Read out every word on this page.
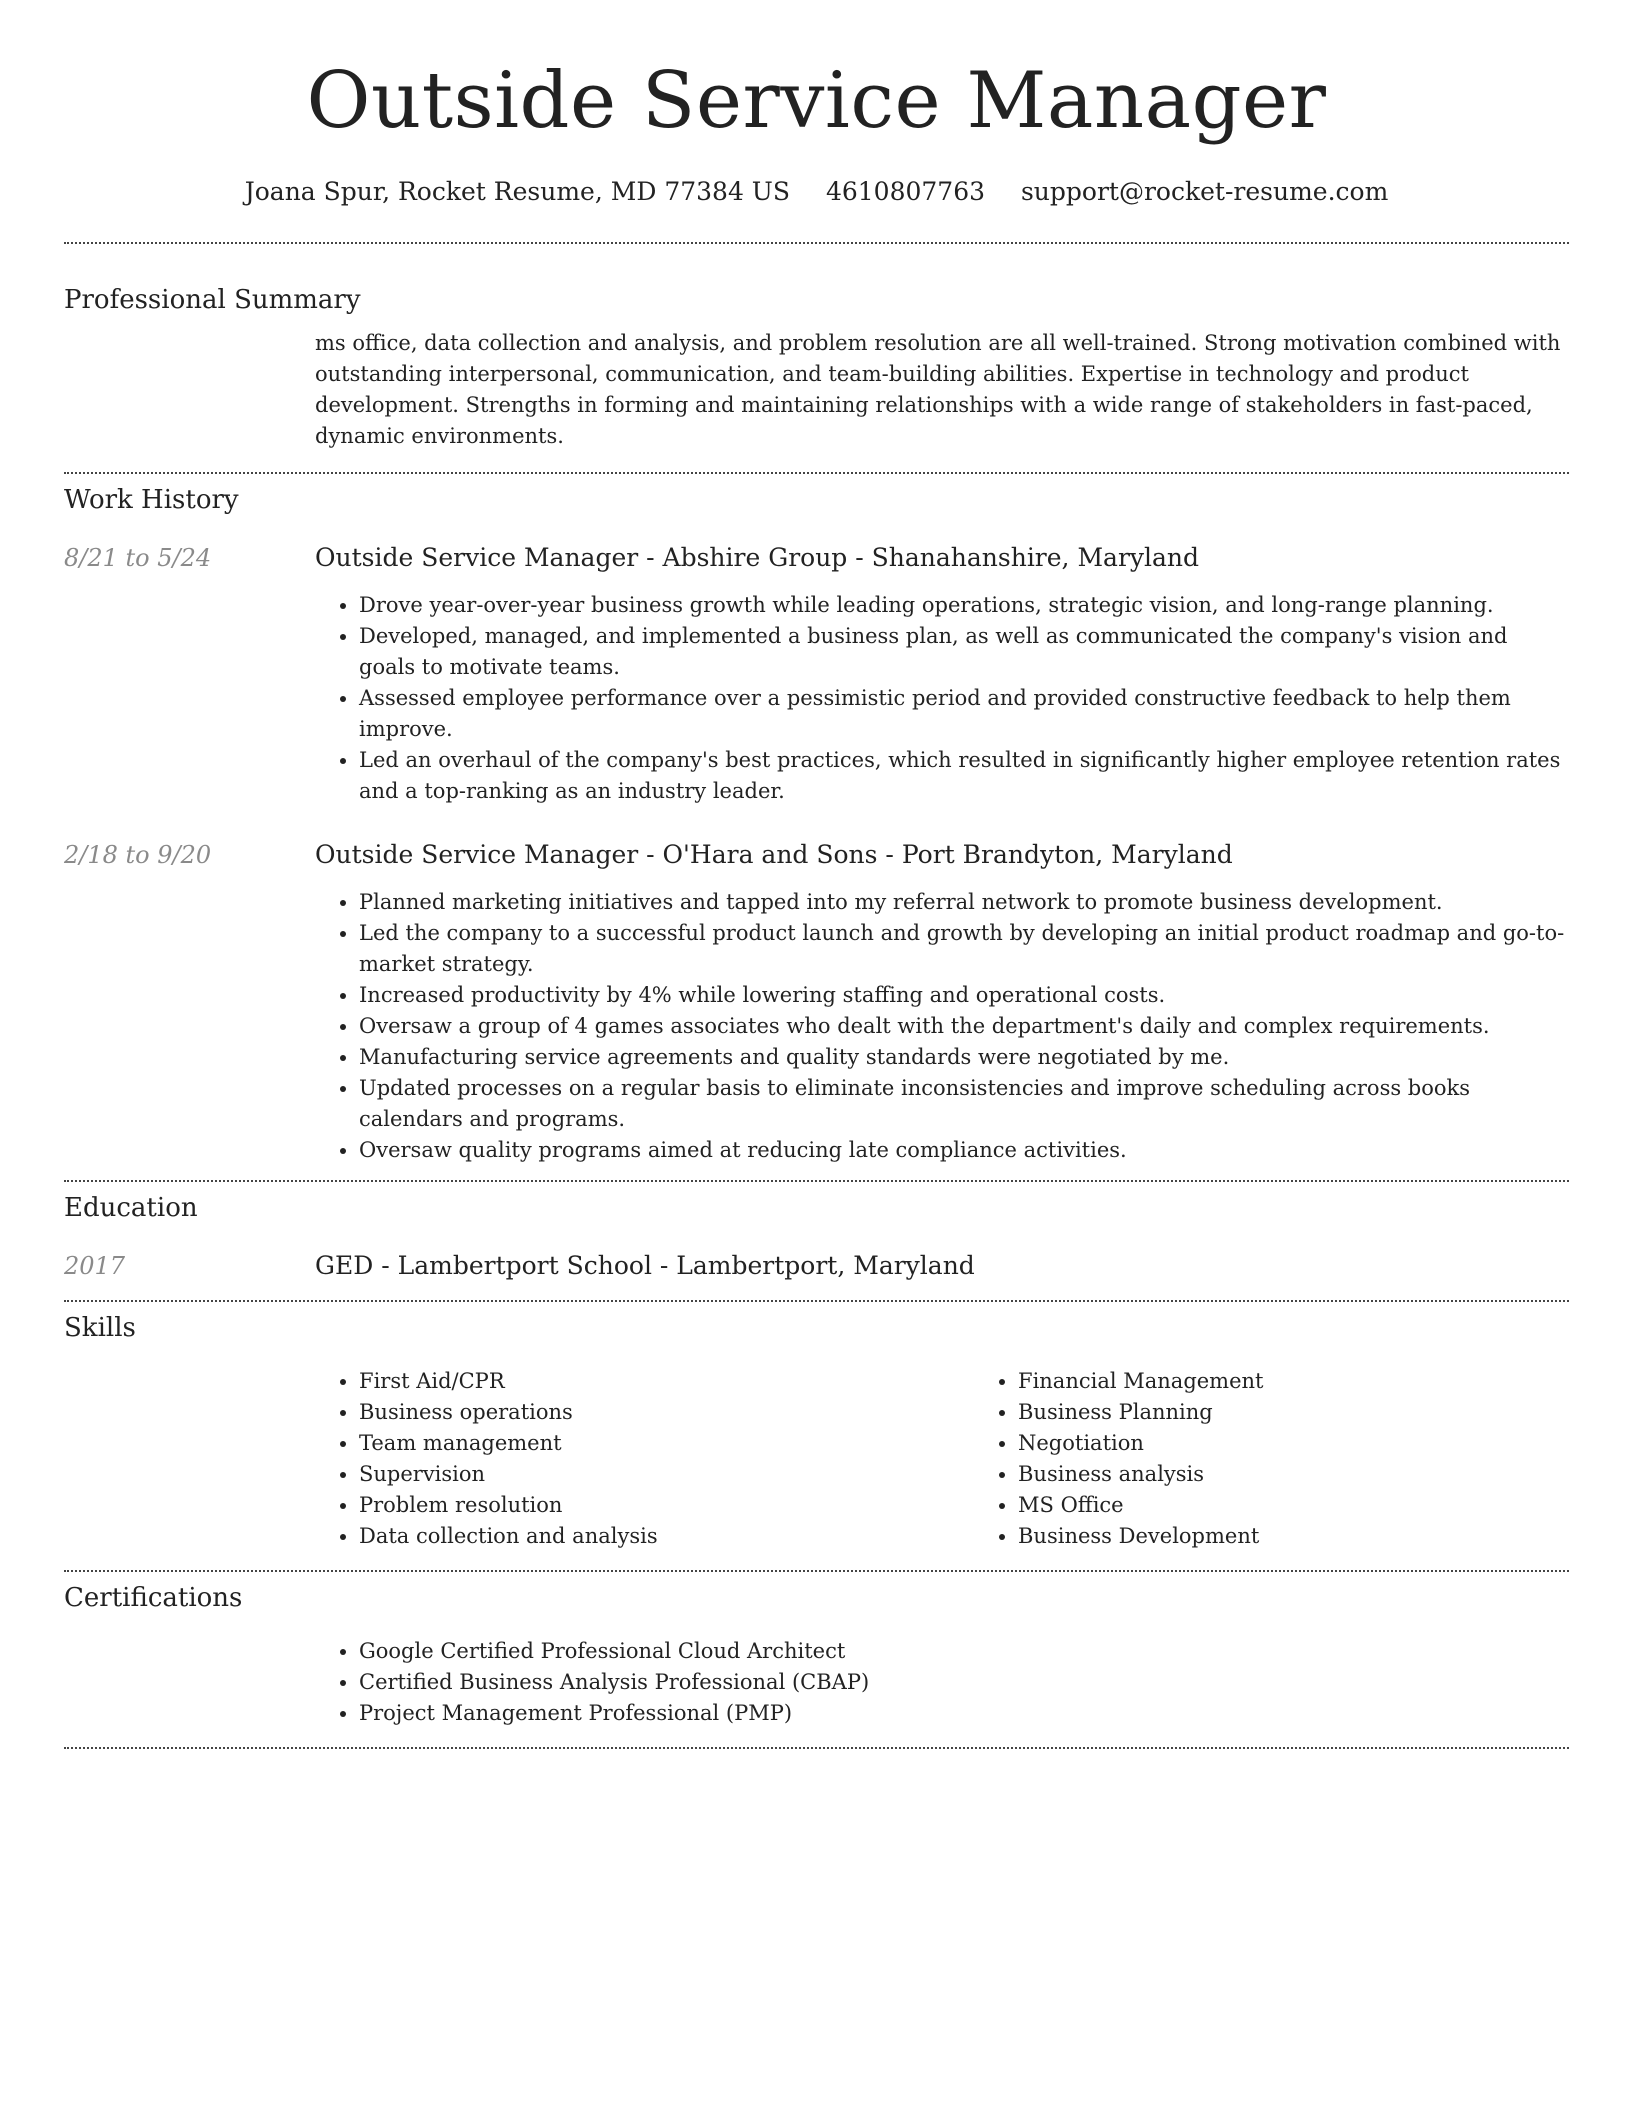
Outside Service Manager
Joana Spur, Rocket Resume, MD 77384 US 4610807763 support@rocket-resume.com
Professional Summary
ms office, data collection and analysis, and problem resolution are all well-trained. Strong motivation combined with outstanding interpersonal, communication, and team-building abilities. Expertise in technology and product development. Strengths in forming and maintaining relationships with a wide range of stakeholders in fast-paced, dynamic environments.
Work History
8/21 to 5/24	Outside Service Manager - Abshire Group - Shanahanshire, Maryland
• Drove year-over-year business growth while leading operations, strategic vision, and long-range planning.
• Developed, managed, and implemented a business plan, as well as communicated the company's vision and goals to motivate teams.
• Assessed employee performance over a pessimistic period and provided constructive feedback to help them improve.
• Led an overhaul of the company's best practices, which resulted in significantly higher employee retention rates and a top-ranking as an industry leader.
2/18 to 9/20	Outside Service Manager - O'Hara and Sons - Port Brandyton, Maryland
• Planned marketing initiatives and tapped into my referral network to promote business development.
• Led the company to a successful product launch and growth by developing an initial product roadmap and go-to-market strategy.
• Increased productivity by 4% while lowering staffing and operational costs.
• Oversaw a group of 4 games associates who dealt with the department's daily and complex requirements.
• Manufacturing service agreements and quality standards were negotiated by me.
• Updated processes on a regular basis to eliminate inconsistencies and improve scheduling across books calendars and programs.
• Oversaw quality programs aimed at reducing late compliance activities.
Education
2017	GED - Lambertport School - Lambertport, Maryland
Skills
• First Aid/CPR
• Business operations
• Team management
• Supervision
• Problem resolution
• Data collection and analysis
• Financial Management
• Business Planning
• Negotiation
• Business analysis
• MS Office
• Business Development
Certifications
• Google Certified Professional Cloud Architect
• Certified Business Analysis Professional (CBAP)
• Project Management Professional (PMP)
